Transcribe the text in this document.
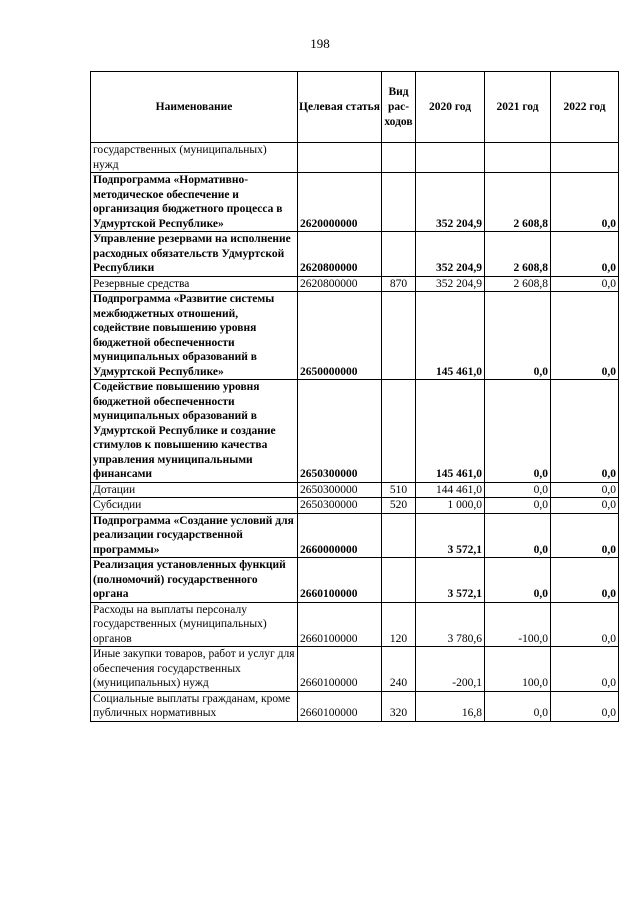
198
Наименование	Целевая статья	Вид рас-ходов	2020 год	2021 год	2022 год
государственных (муниципальных) нужд					
Подпрограмма «Нормативно-методическое обеспечение и организация бюджетного процесса в Удмуртской Республике»	2620000000		352 204,9	2 608,8	0,0
Управление резервами на исполнение расходных обязательств Удмуртской Республики	2620800000		352 204,9	2 608,8	0,0
Резервные средства	2620800000	870	352 204,9	2 608,8	0,0
Подпрограмма «Развитие системы межбюджетных отношений, содействие повышению уровня бюджетной обеспеченности муниципальных образований в Удмуртской Республике»	2650000000		145 461,0	0,0	0,0
Содействие повышению уровня бюджетной обеспеченности муниципальных образований в Удмуртской Республике и создание стимулов к повышению качества управления муниципальными финансами	2650300000		145 461,0	0,0	0,0
Дотации	2650300000	510	144 461,0	0,0	0,0
Субсидии	2650300000	520	1 000,0	0,0	0,0
Подпрограмма «Создание условий для реализации государственной программы»	2660000000		3 572,1	0,0	0,0
Реализация установленных функций (полномочий) государственного органа	2660100000		3 572,1	0,0	0,0
Расходы на выплаты персоналу государственных (муниципальных) органов	2660100000	120	3 780,6	-100,0	0,0
Иные закупки товаров, работ и услуг для обеспечения государственных (муниципальных) нужд	2660100000	240	-200,1	100,0	0,0
Социальные выплаты гражданам, кроме публичных нормативных	2660100000	320	16,8	0,0	0,0
